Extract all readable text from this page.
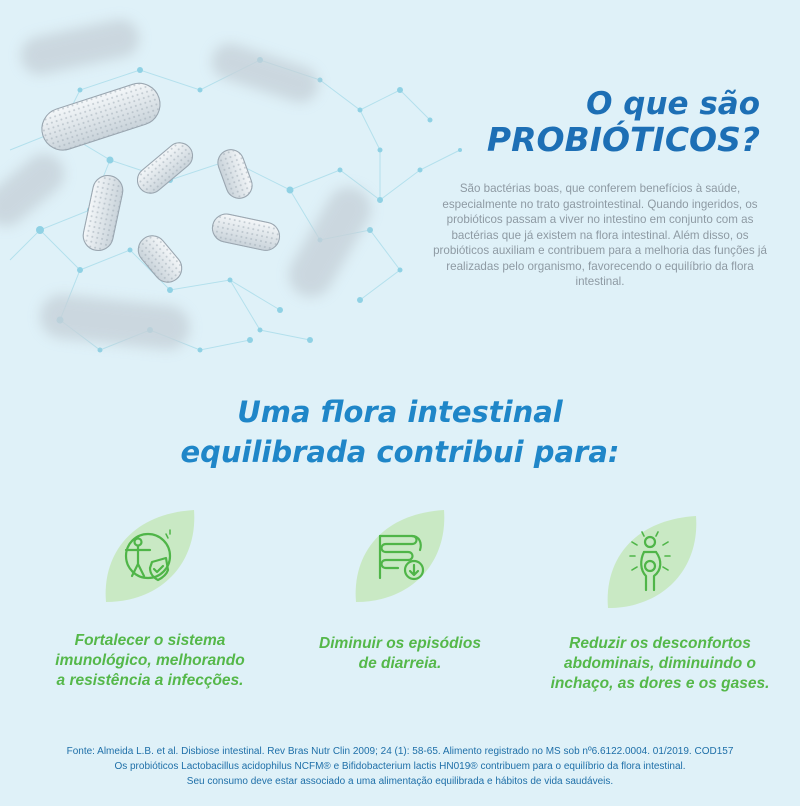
O que são
PROBIÓTICOS?
São bactérias boas, que conferem benefícios à saúde, especialmente no trato gastrointestinal. Quando ingeridos, os probióticos passam a viver no intestino em conjunto com as bactérias que já existem na flora intestinal. Além disso, os probióticos auxiliam e contribuem para a melhoria das funções já realizadas pelo organismo, favorecendo o equilíbrio da flora intestinal.
Uma flora intestinal
equilibrada contribui para:
Fortalecer o sistema
imunológico, melhorando
a resistência a infecções.
Diminuir os episódios
de diarreia.
Reduzir os desconfortos
abdominais, diminuindo o
inchaço, as dores e os gases.
Fonte: Almeida L.B. et al. Disbiose intestinal. Rev Bras Nutr Clin 2009; 24 (1): 58-65. Alimento registrado no MS sob nº6.6122.0004. 01/2019. COD157
Os probióticos Lactobacillus acidophilus NCFM® e Bifidobacterium lactis HN019® contribuem para o equilíbrio da flora intestinal.
Seu consumo deve estar associado a uma alimentação equilibrada e hábitos de vida saudáveis.
